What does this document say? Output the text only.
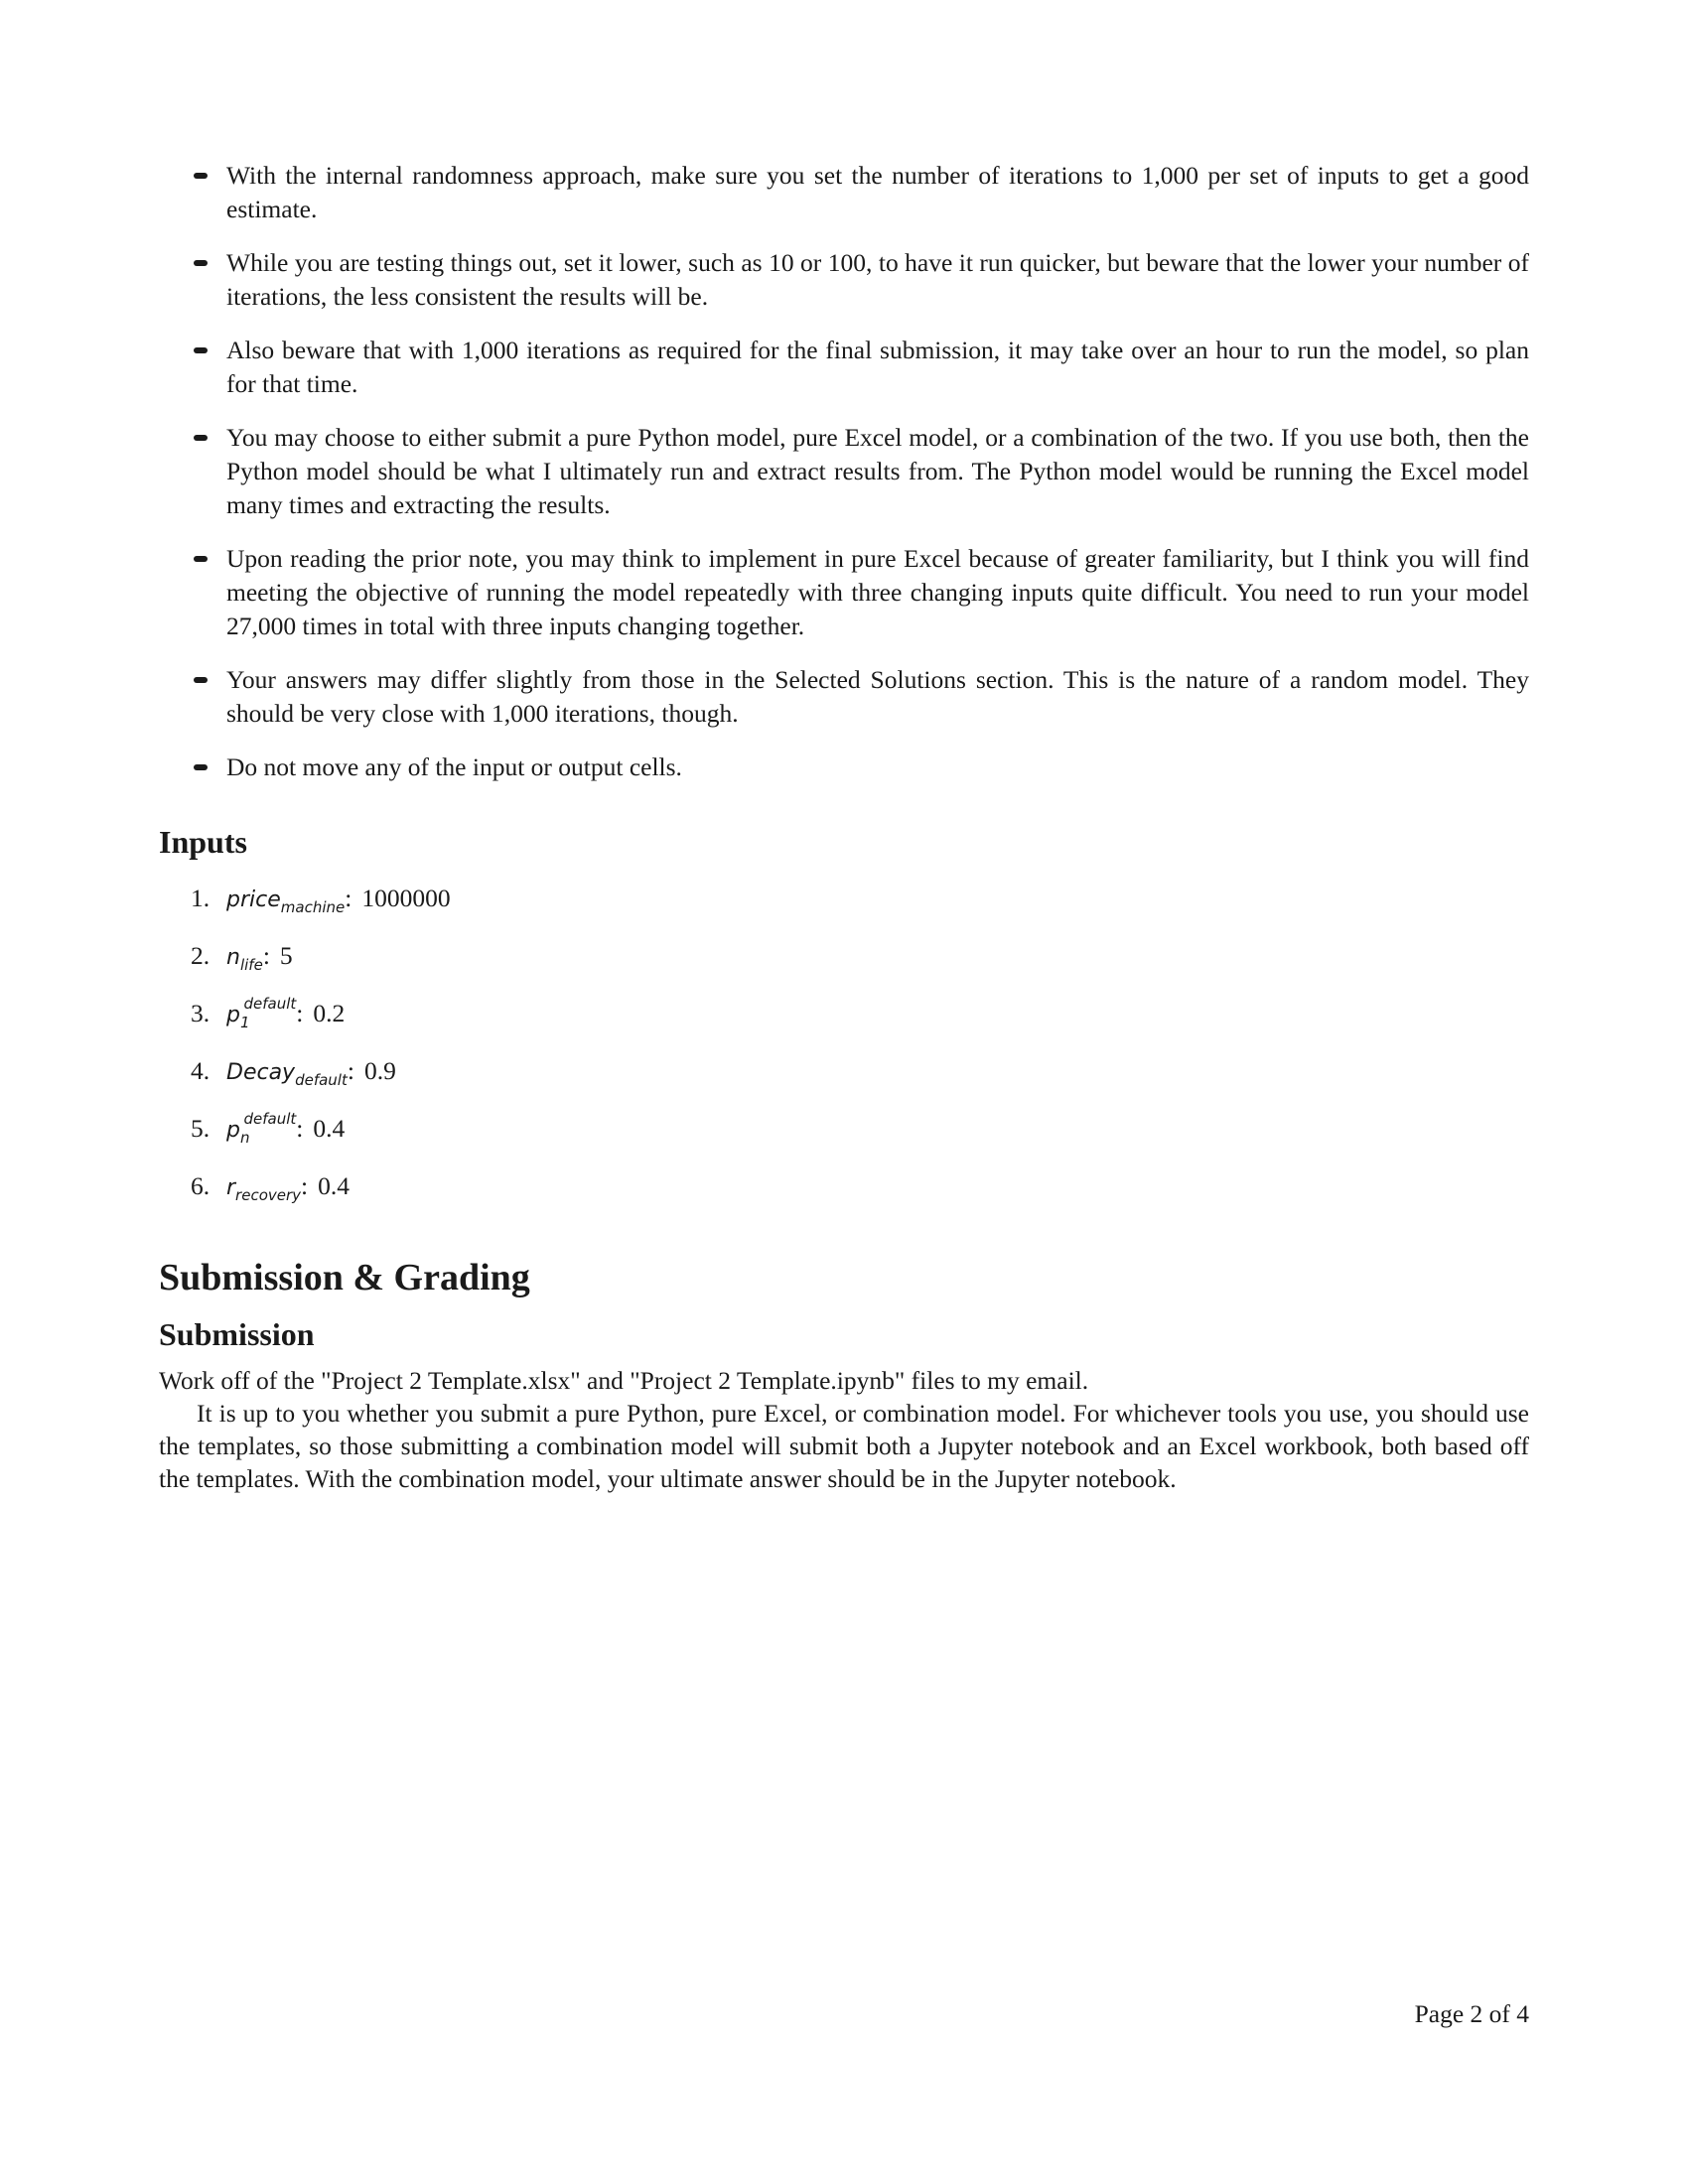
With the internal randomness approach, make sure you set the number of iterations to 1,000 per set of inputs to get a good estimate.
While you are testing things out, set it lower, such as 10 or 100, to have it run quicker, but beware that the lower your number of iterations, the less consistent the results will be.
Also beware that with 1,000 iterations as required for the final submission, it may take over an hour to run the model, so plan for that time.
You may choose to either submit a pure Python model, pure Excel model, or a combination of the two. If you use both, then the Python model should be what I ultimately run and extract results from. The Python model would be running the Excel model many times and extracting the results.
Upon reading the prior note, you may think to implement in pure Excel because of greater familiarity, but I think you will find meeting the objective of running the model repeatedly with three changing inputs quite difficult. You need to run your model 27,000 times in total with three inputs changing together.
Your answers may differ slightly from those in the Selected Solutions section. This is the nature of a random model. They should be very close with 1,000 iterations, though.
Do not move any of the input or output cells.
Inputs
1. price$_{machine}$ : 1000000
2. $n_{life}$ : 5
3. $p_1^{default}$ : 0.2
4. Decay$_{default}$ : 0.9
5. $p_n^{default}$ : 0.4
6. $r_{recovery}$ : 0.4
Submission & Grading
Submission

Work off of the "Project 2 Template.xlsx" and "Project 2 Template.ipynb" files to my email.

It is up to you whether you submit a pure Python, pure Excel, or combination model. For whichever tools you use, you should use the templates, so those submitting a combination model will submit both a Jupyter notebook and an Excel workbook, both based off the templates. With the combination model, your ultimate answer should be in the Jupyter notebook.

Page 2 of 4
